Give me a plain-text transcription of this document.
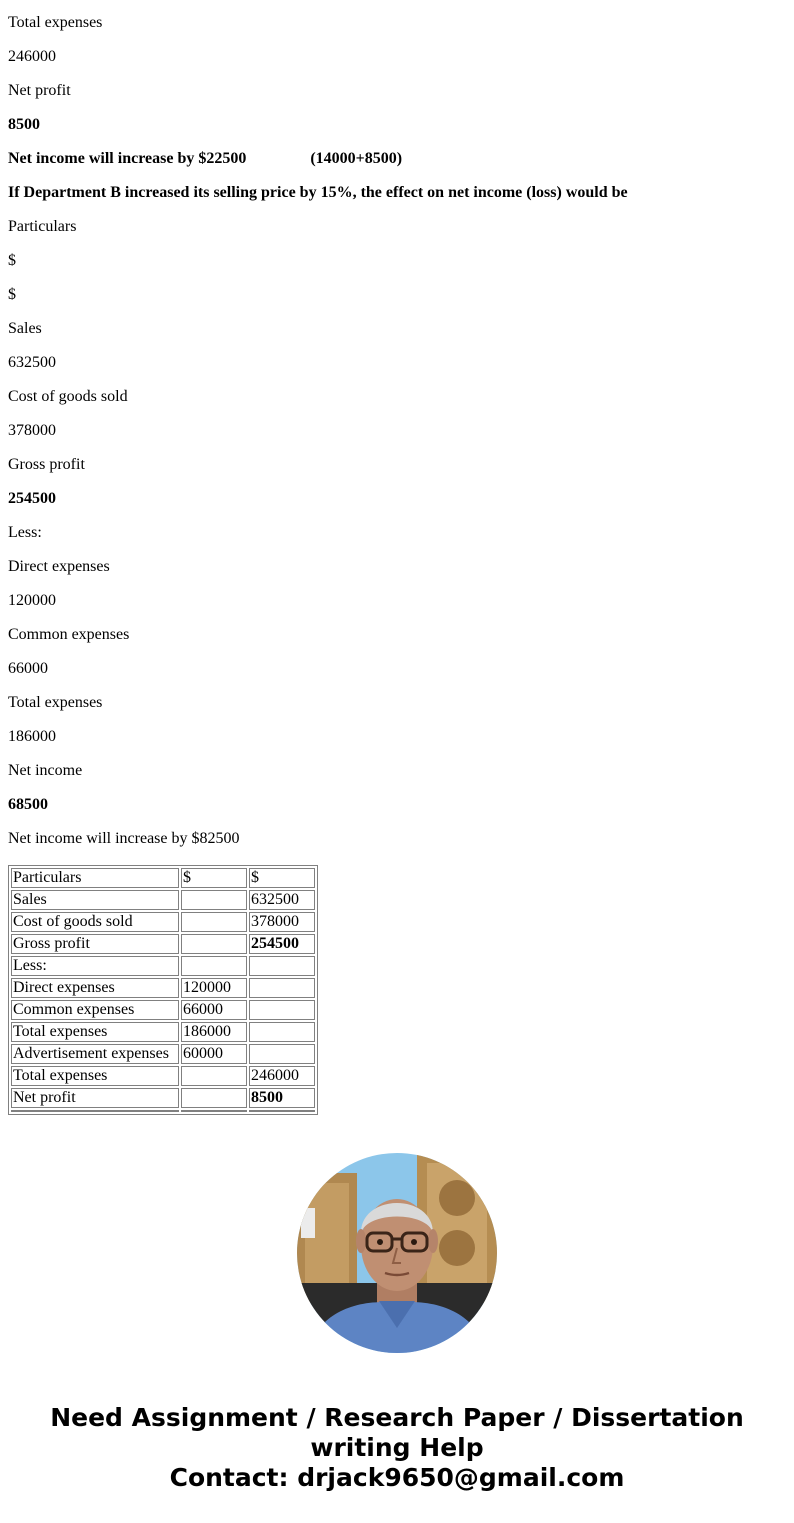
Total expenses
246000
Net profit
8500
Net income will increase by $22500	(14000+8500)
If Department B increased its selling price by 15%, the effect on net income (loss) would be
Particulars
$
$
Sales
632500
Cost of goods sold
378000
Gross profit
254500
Less:
Direct expenses
120000
Common expenses
66000
Total expenses
186000
Net income
68500
Net income will increase by $82500
Particulars	$	$
Sales		632500
Cost of goods sold		378000
Gross profit		254500
Less:		
Direct expenses	120000	
Common expenses	66000	
Total expenses	186000	
Advertisement expenses	60000	
Total expenses		246000
Net profit		8500

Need Assignment / Research Paper / Dissertation
writing Help
Contact: drjack9650@gmail.com
